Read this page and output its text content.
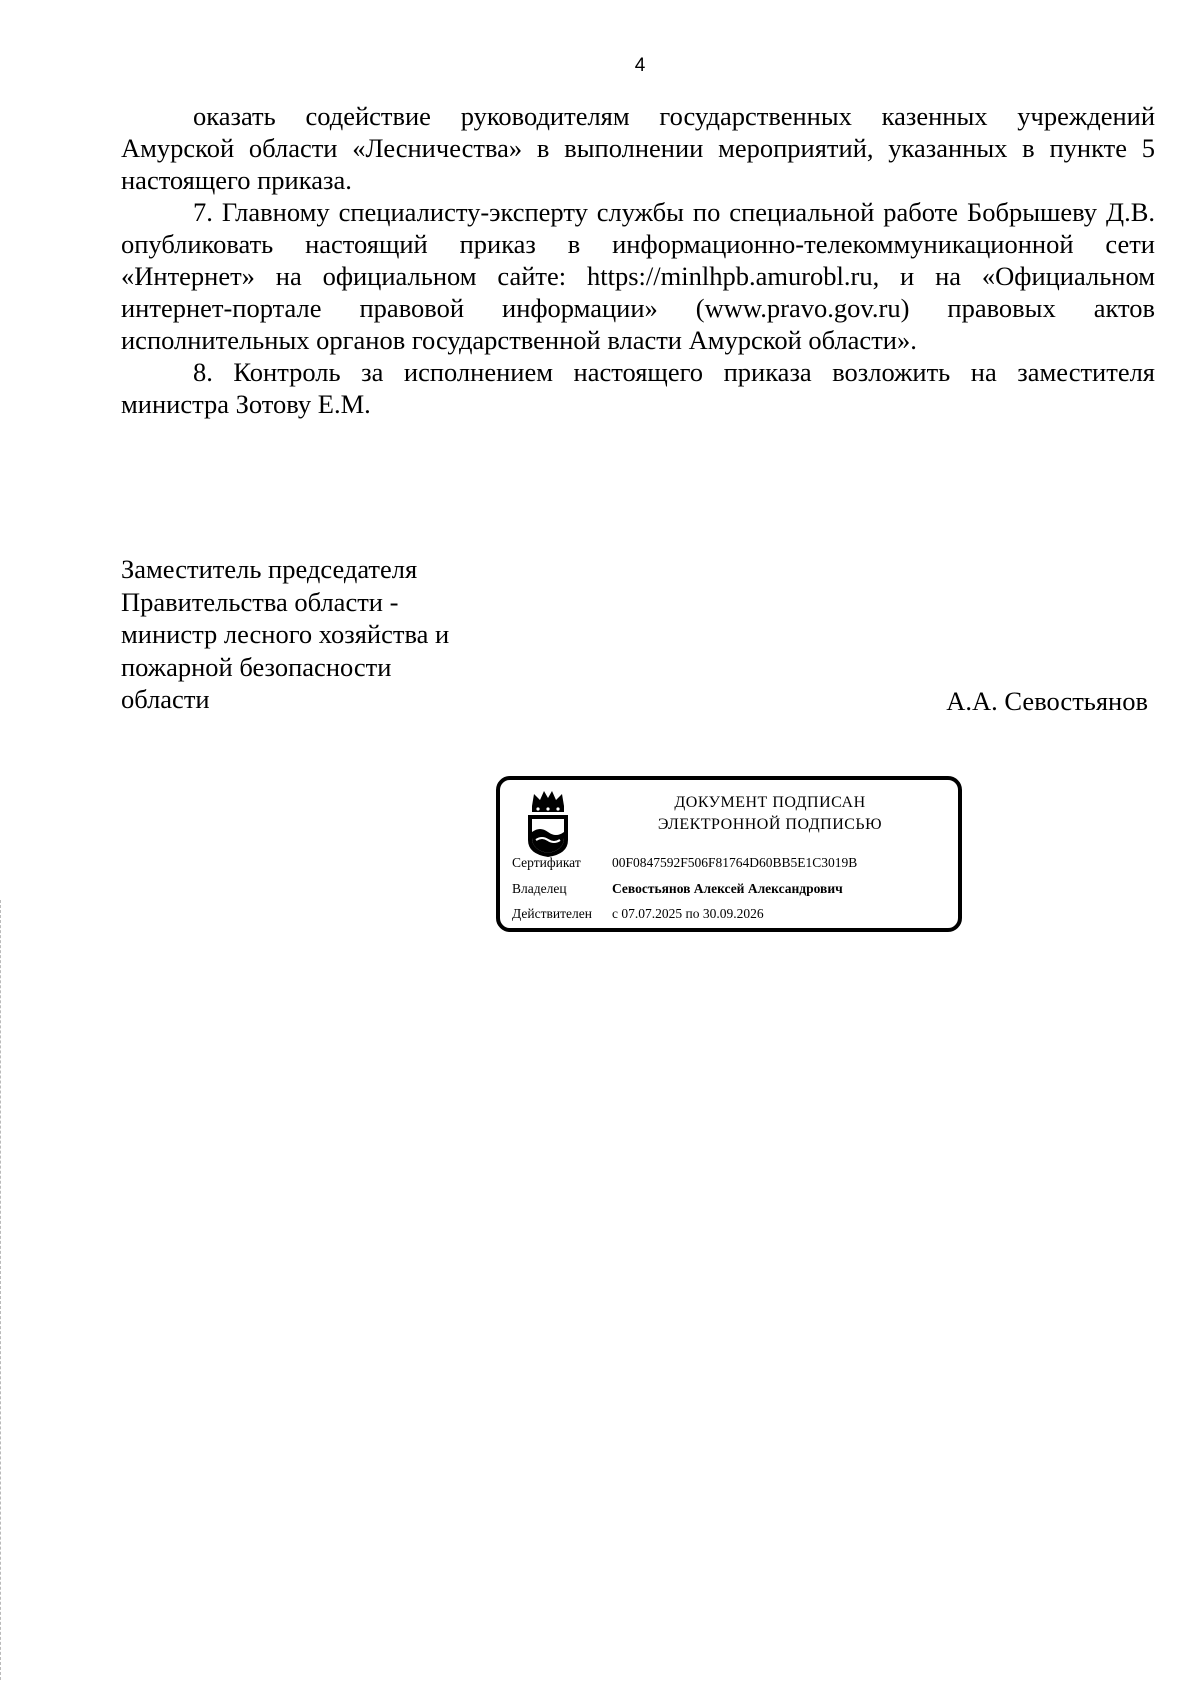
4

оказать содействие руководителям государственных казенных учреждений Амурской области «Лесничества» в выполнении мероприятий, указанных в пункте 5 настоящего приказа.

7. Главному специалисту-эксперту службы по специальной работе Бобрышеву Д.В. опубликовать настоящий приказ в информационно-телекоммуникационной сети «Интернет» на официальном сайте: https://minlhpb.amurobl.ru, и на «Официальном интернет-портале правовой информации» (www.pravo.gov.ru) правовых актов исполнительных органов государственной власти Амурской области».

8. Контроль за исполнением настоящего приказа возложить на заместителя министра Зотову Е.М.

Заместитель председателя
Правительства области -
министр лесного хозяйства и
пожарной безопасности
области	А.А. Севостьянов
ДОКУМЕНТ ПОДПИСАН
ЭЛЕКТРОННОЙ ПОДПИСЬЮ
Сертификат 00F0847592F506F81764D60BB5E1C3019B
Владелец	Севостьянов Алексей Александрович
Действителен с 07.07.2025 по 30.09.2026
